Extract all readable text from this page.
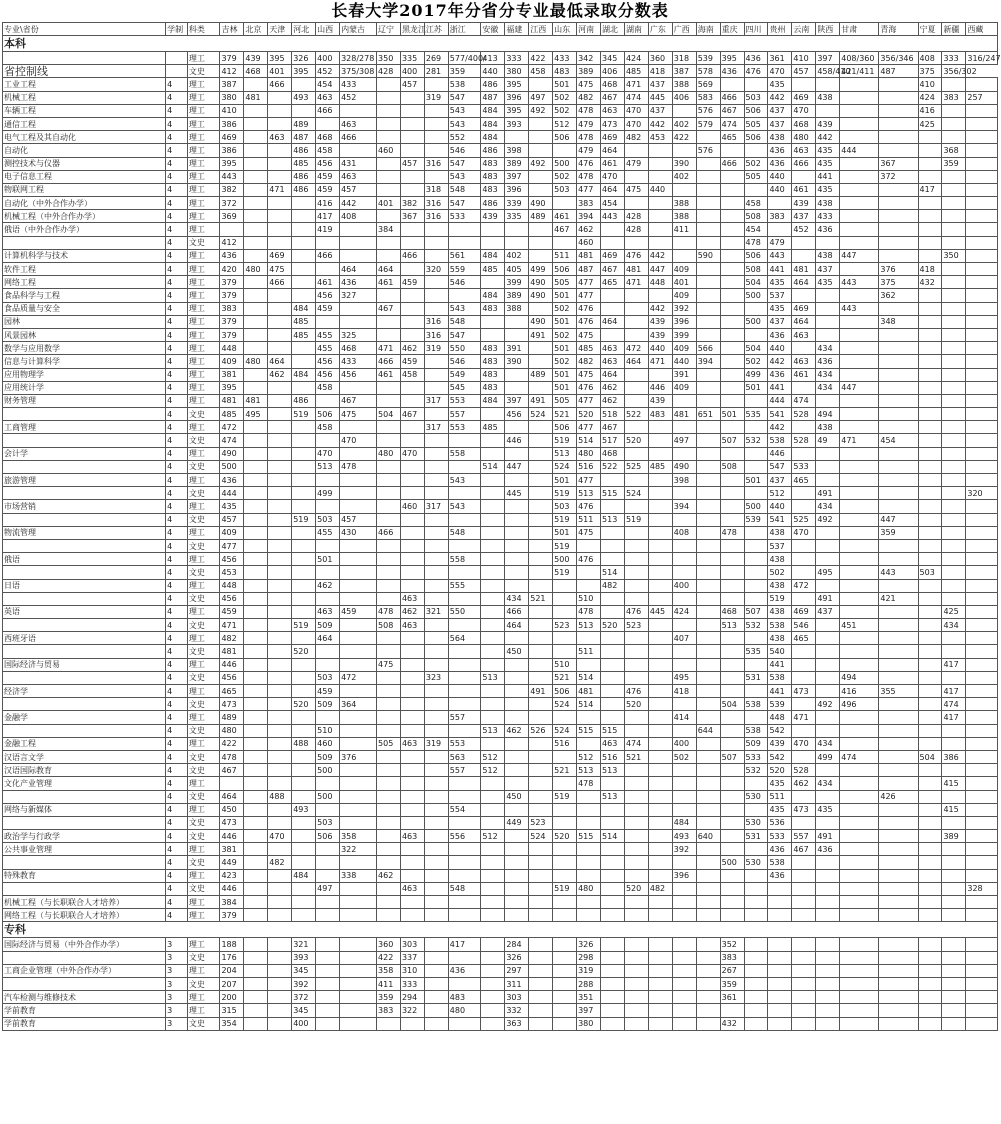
长春大学2017年分省分专业最低录取分数表
专业\省份	学制	科类	吉林	北京	天津	河北	山西	内蒙古	辽宁	黑龙江	江苏	浙江	安徽	福建	江西	山东	河南	湖北	湖南	广东	广西	海南	重庆	四川	贵州	云南	陕西	甘肃	青海	宁夏	新疆	西藏
本科																																
		理工	379	439	395	326	400	328/278	350	335	269	577/400/	413	333	422	433	342	345	424	360	318	539	395	436	361	410	397	408/360	356/346	408	333	316/247
省控制线		文史	412	468	401	395	452	375/308	428	400	281	359	440	380	458	483	389	406	485	418	387	578	436	476	470	457	458/410	421/411	487	375	356/302	
工业工程	4	理工	387		466		454	433		457		538	486	395		501	475	468	471	437	388	569			435					410		
机械工程	4	理工	380	481		493	463	452			319	547	487	396	497	502	482	467	474	445	406	583	466	503	442	469	438			424	383	257
车辆工程	4	理工	410				466					543	484	395	492	502	478	463	470	437		576	467	506	437	470				416		
通信工程	4	理工	386			489		463				543	484	393		512	479	473	470	442	402	579	474	505	437	468	439			425		
电气工程及其自动化	4	理工	469		463	487	468	466				552	484			506	478	469	482	453	422		465	506	438	480	442					
自动化	4	理工	386			486	458		460			546	486	398			479	464				576			436	463	435	444			368	
测控技术与仪器	4	理工	395			485	456	431		457	316	547	483	389	492	500	476	461	479		390		466	502	436	466	435		367		359	
电子信息工程	4	理工	443			486	459	463				543	483	397		502	478	470			402			505	440		441		372			
物联网工程	4	理工	382		471	486	459	457			318	548	483	396		503	477	464	475	440					440	461	435			417		
自动化（中外合作办学）	4	理工	372				416	442	401	382	316	547	486	339	490		383	454			388			458		439	438					
机械工程（中外合作办学）	4	理工	369				417	408		367	316	533	439	335	489	461	394	443	428		388			508	383	437	433					
俄语（中外合作办学）	4	理工					419		384							467	462		428		411			454		452	436					
	4	文史	412														460							478	479							
计算机科学与技术	4	理工	436		469		466			466		561	484	402		511	481	469	476	442		590		506	443		438	447			350	
软件工程	4	理工	420	480	475			464	464		320	559	485	405	499	506	487	467	481	447	409			508	441	481	437		376	418		
网络工程	4	理工	379		466		461	436	461	459		546		399	490	505	477	465	471	448	401			504	435	464	435	443	375	432		
食品科学与工程	4	理工	379				456	327					484	389	490	501	477				409			500	537				362			
食品质量与安全	4	理工	383			484	459		467			543	483	388		502	476			442	392				435	469		443				
园林	4	理工	379			485					316	548			490	501	476	464		439	396			500	437	464			348			
风景园林	4	理工	379			485	455	325			316	547			491	502	475			439	399				436	463						
数学与应用数学	4	理工	448				455	468	471	462	319	550	483	391		501	485	463	472	440	409	566		504	440		434					
信息与计算科学	4	理工	409	480	464		456	433	466	459		546	483	390		502	482	463	464	471	440	394		502	442	463	436					
应用物理学	4	理工	381		462	484	456	456	461	458		549	483		489	501	475	464			391			499	436	461	434					
应用统计学	4	理工	395				458					545	483			501	476	462		446	409			501	441		434	447				
财务管理	4	理工	481	481		486		467			317	553	484	397	491	505	477	462		439					444	474						
	4	文史	485	495		519	506	475	504	467		557		456	524	521	520	518	522	483	481	651	501	535	541	528	494					
工商管理	4	理工	472				458				317	553	485			506	477	467							442		438					
	4	文史	474					470						446		519	514	517	520		497		507	532	538	528	49	471	454			
会计学	4	理工	490				470		480	470		558				513	480	468							446							
	4	文史	500				513	478					514	447		524	516	522	525	485	490		508		547	533						
旅游管理	4	理工	436									543				501	477				398			501	437	465						
	4	文史	444				499							445		519	513	515	524						512		491					320
市场营销	4	理工	435							460	317	543				503	476				394			500	440		434					
	4	文史	457			519	503	457								519	511	513	519					539	541	525	492		447			
物流管理	4	理工	409				455	430	466			548				501	475				408		478		438	470			359			
	4	文史	477													519									537							
俄语	4	理工	456				501					558				500	476								438							
	4	文史	453													519		514							502		495		443	503		
日语	4	理工	448				462					555						482			400				438	472						
	4	文史	456							463				434	521		510								519		491		421			
英语	4	理工	459				463	459	478	462	321	550		466			478		476	445	424		468	507	438	469	437				425	
	4	文史	471			519	509		508	463				464		523	513	520	523				513	532	538	546		451			434	
西班牙语	4	理工	482				464					564									407				438	465						
	4	文史	481			520								450			511							535	540							
国际经济与贸易	4	理工	446						475							510									441						417	
	4	文史	456				503	472			323		513			521	514				495			531	538			494				
经济学	4	理工	465				459								491	506	481		476		418				441	473		416	355		417	
	4	文史	473			520	509	364								524	514		520				504	538	539		492	496			474	
金融学	4	理工	489									557									414				448	471					417	
	4	文史	480				510						513	462	526	524	515	515				644		538	542							
金融工程	4	理工	422			488	460		505	463	319	553				516		463	474		400			509	439	470	434					
汉语言文学	4	文史	478				509	376				563	512				512	516	521		502		507	533	542		499	474		504	386	
汉语国际教育	4	文史	467				500					557	512			521	513	513						532	520	528						
文化产业管理	4	理工															478								435	462	434				415	
	4	文史	464		488		500							450		519		513						530	511				426			
网络与新媒体	4	理工	450			493						554													435	473	435				415	
	4	文史	473				503							449	523						484			530	536							
政治学与行政学	4	文史	446		470		506	358		463		556	512		524	520	515	514			493	640		531	533	557	491				389	
公共事业管理	4	理工	381					322													392				436	467	436					
	4	文史	449		482																		500	530	538							
特殊教育	4	理工	423			484		338	462												396				436							
	4	文史	446				497			463		548				519	480		520	482												328
机械工程（与长职联合人才培养）	4	理工	384																													
网络工程（与长职联合人才培养）	4	理工	379																													
专科																																
国际经济与贸易（中外合作办学）	3	理工	188			321			360	303		417		284			326						352									
	3	文史	176			393			422	337				326			298						383									
工商企业管理（中外合作办学）	3	理工	204			345			358	310		436		297			319						267									
	3	文史	207			392			411	333				311			288						359									
汽车检测与维修技术	3	理工	200			372			359	294		483		303			351						361									
学前教育	3	理工	315			345			383	322		480		332			397															
学前教育	3	文史	354			400								363			380						432									
